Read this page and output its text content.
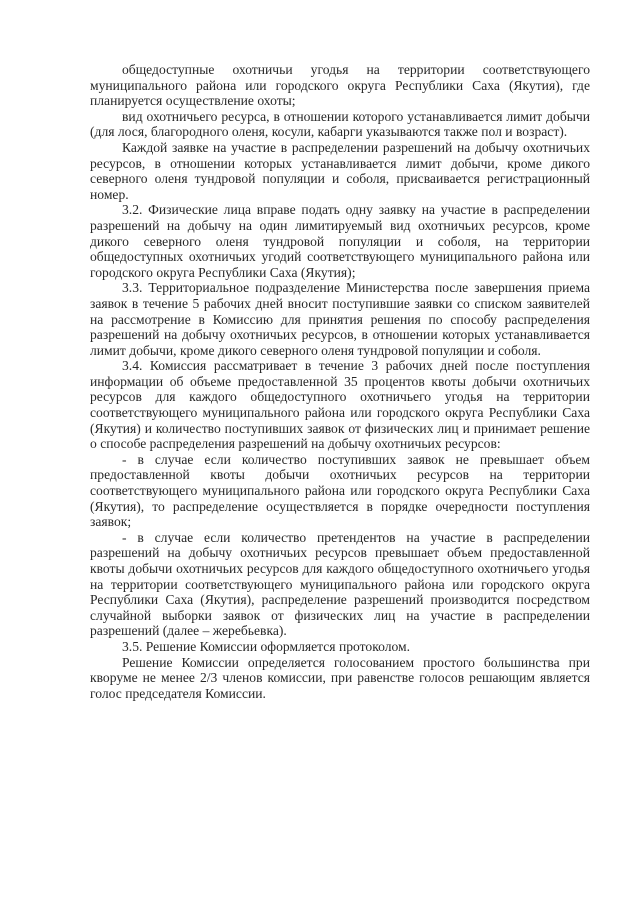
общедоступные охотничьи угодья на территории соответствующего муниципального района или городского округа Республики Саха (Якутия), где планируется осуществление охоты;

вид охотничьего ресурса, в отношении которого устанавливается лимит добычи (для лося, благородного оленя, косули, кабарги указываются также пол и возраст).

Каждой заявке на участие в распределении разрешений на добычу охотничьих ресурсов, в отношении которых устанавливается лимит добычи, кроме дикого северного оленя тундровой популяции и соболя, присваивается регистрационный номер.

3.2. Физические лица вправе подать одну заявку на участие в распределении разрешений на добычу на один лимитируемый вид охотничьих ресурсов, кроме дикого северного оленя тундровой популяции и соболя, на территории общедоступных охотничьих угодий соответствующего муниципального района или городского округа Республики Саха (Якутия);

3.3. Территориальное подразделение Министерства после завершения приема заявок в течение 5 рабочих дней вносит поступившие заявки со списком заявителей на рассмотрение в Комиссию для принятия решения по способу распределения разрешений на добычу охотничьих ресурсов, в отношении которых устанавливается лимит добычи, кроме дикого северного оленя тундровой популяции и соболя.

3.4. Комиссия рассматривает в течение 3 рабочих дней после поступления информации об объеме предоставленной 35 процентов квоты добычи охотничьих ресурсов для каждого общедоступного охотничьего угодья на территории соответствующего муниципального района или городского округа Республики Саха (Якутия) и количество поступивших заявок от физических лиц и принимает решение о способе распределения разрешений на добычу охотничьих ресурсов:

- в случае если количество поступивших заявок не превышает объем предоставленной квоты добычи охотничьих ресурсов на территории соответствующего муниципального района или городского округа Республики Саха (Якутия), то распределение осуществляется в порядке очередности поступления заявок;

- в случае если количество претендентов на участие в распределении разрешений на добычу охотничьих ресурсов превышает объем предоставленной квоты добычи охотничьих ресурсов для каждого общедоступного охотничьего угодья на территории соответствующего муниципального района или городского округа Республики Саха (Якутия), распределение разрешений производится посредством случайной выборки заявок от физических лиц на участие в распределении разрешений (далее – жеребьевка).

3.5. Решение Комиссии оформляется протоколом.

Решение Комиссии определяется голосованием простого большинства при кворуме не менее 2/3 членов комиссии, при равенстве голосов решающим является голос председателя Комиссии.
